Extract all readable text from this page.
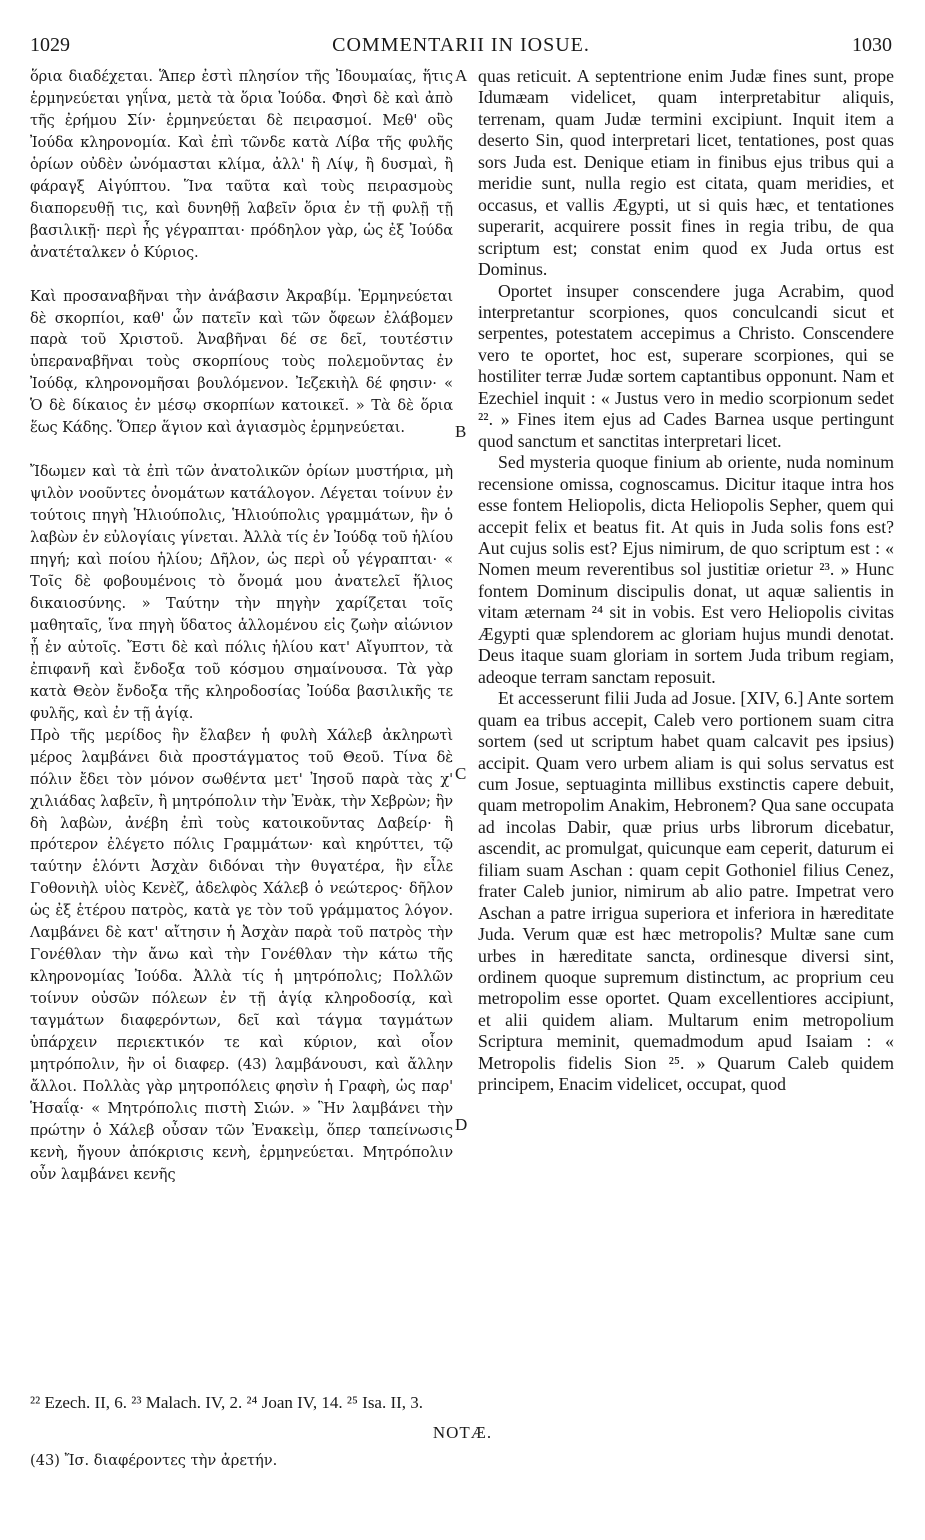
1029	COMMENTARII IN IOSUE.	1030

ὅρια διαδέχεται. Ἅπερ ἐστὶ πλησίον τῆς Ἰδουμαίας, ἥτις ἑρμηνεύεται γηΐνα, μετὰ τὰ ὅρια Ἰούδα. Φησὶ δὲ καὶ ἀπὸ τῆς ἐρήμου Σίν· ἑρμηνεύεται δὲ πειρασμοί. Μεθ' οὓς Ἰούδα κληρονομία. Καὶ ἐπὶ τῶνδε κατὰ Λίβα τῆς φυλῆς ὁρίων οὐδὲν ὠνόμασται κλίμα, ἀλλ' ἢ Λίψ, ἢ δυσμαὶ, ἢ φάραγξ Αἰγύπτου. Ἵνα ταῦτα καὶ τοὺς πειρασμοὺς διαπορευθῇ τις, καὶ δυνηθῇ λαβεῖν ὅρια ἐν τῇ φυλῇ τῇ βασιλικῇ· περὶ ἧς γέγραπται· πρόδηλον γὰρ, ὡς ἐξ Ἰούδα ἀνατέταλκεν ὁ Κύριος.

Καὶ προσαναβῆναι τὴν ἀνάβασιν Ἀκραβίμ. Ἑρμηνεύεται δὲ σκορπίοι, καθ' ὧν πατεῖν καὶ τῶν ὄφεων ἐλάβομεν παρὰ τοῦ Χριστοῦ. Ἀναβῆναι δέ σε δεῖ, τουτέστιν ὑπεραναβῆναι τοὺς σκορπίους τοὺς πολεμοῦντας ἐν Ἰούδᾳ, κληρονομῆσαι βουλόμενον. Ἰεζεκιὴλ δέ φησιν· « Ὁ δὲ δίκαιος ἐν μέσῳ σκορπίων κατοικεῖ. » Τὰ δὲ ὅρια ἕως Κάδης. Ὅπερ ἅγιον καὶ ἁγιασμὸς ἑρμηνεύεται.

Ἴδωμεν καὶ τὰ ἐπὶ τῶν ἀνατολικῶν ὁρίων μυστήρια, μὴ ψιλὸν νοοῦντες ὀνομάτων κατάλογον. Λέγεται τοίνυν ἐν τούτοις πηγὴ Ἡλιούπολις, Ἡλιούπολις γραμμάτων, ἣν ὁ λαβὼν ἐν εὐλογίαις γίνεται. Ἀλλὰ τίς ἐν Ἰούδᾳ τοῦ ἡλίου πηγή; καὶ ποίου ἡλίου; Δῆλον, ὡς περὶ οὗ γέγραπται· « Τοῖς δὲ φοβουμένοις τὸ ὄνομά μου ἀνατελεῖ ἥλιος δικαιοσύνης. » Ταύτην τὴν πηγὴν χαρίζεται τοῖς μαθηταῖς, ἵνα πηγὴ ὕδατος ἁλλομένου εἰς ζωὴν αἰώνιον ᾖ ἐν αὐτοῖς. Ἔστι δὲ καὶ πόλις ἡλίου κατ' Αἴγυπτον, τὰ ἐπιφανῆ καὶ ἔνδοξα τοῦ κόσμου σημαίνουσα. Τὰ γὰρ κατὰ Θεὸν ἔνδοξα τῆς κληροδοσίας Ἰούδα βασιλικῆς τε φυλῆς, καὶ ἐν τῇ ἁγίᾳ.

Πρὸ τῆς μερίδος ἣν ἔλαβεν ἡ φυλὴ Χάλεβ ἀκληρωτὶ μέρος λαμβάνει διὰ προστάγματος τοῦ Θεοῦ. Τίνα δὲ πόλιν ἔδει τὸν μόνον σωθέντα μετ' Ἰησοῦ παρὰ τὰς χ' χιλιάδας λαβεῖν, ἢ μητρόπολιν τὴν Ἐνὰκ, τὴν Χεβρὼν; ἣν δὴ λαβὼν, ἀνέβη ἐπὶ τοὺς κατοικοῦντας Δαβείρ· ἣ πρότερον ἐλέγετο πόλις Γραμμάτων· καὶ κηρύττει, τῷ ταύτην ἑλόντι Ἀσχὰν διδόναι τὴν θυγατέρα, ἣν εἶλε Γοθονιὴλ υἱὸς Κενὲζ, ἀδελφὸς Χάλεβ ὁ νεώτερος· δῆλον ὡς ἐξ ἑτέρου πατρὸς, κατὰ γε τὸν τοῦ γράμματος λόγον. Λαμβάνει δὲ κατ' αἴτησιν ἡ Ἀσχὰν παρὰ τοῦ πατρὸς τὴν Γονέθλαν τὴν ἄνω καὶ τὴν Γονέθλαν τὴν κάτω τῆς κληρονομίας Ἰούδα. Ἀλλὰ τίς ἡ μητρόπολις; Πολλῶν τοίνυν οὐσῶν πόλεων ἐν τῇ ἁγίᾳ κληροδοσίᾳ, καὶ ταγμάτων διαφερόντων, δεῖ καὶ τάγμα ταγμάτων ὑπάρχειν περιεκτικόν τε καὶ κύριον, καὶ οἷον μητρόπολιν, ἣν οἱ διαφερ. (43) λαμβάνουσι, καὶ ἄλλην ἄλλοι. Πολλὰς γὰρ μητροπόλεις φησὶν ἡ Γραφὴ, ὡς παρ' Ἡσαΐᾳ· « Μητρόπολις πιστὴ Σιών. » Ἣν λαμβάνει τὴν πρώτην ὁ Χάλεβ οὖσαν τῶν Ἐνακεὶμ, ὅπερ ταπείνωσις κενὴ, ἤγουν ἀπόκρισις κενὴ, ἑρμηνεύεται. Μητρόπολιν οὖν λαμβάνει κενῆς

A
B
C
D

quas reticuit. A septentrione enim Judæ fines sunt, prope Idumæam videlicet, quam interpretabitur aliquis, terrenam, quam Judæ termini excipiunt. Inquit item a deserto Sin, quod interpretari licet, tentationes, post quas sors Juda est. Denique etiam in finibus ejus tribus qui a meridie sunt, nulla regio est citata, quam meridies, et occasus, et vallis Ægypti, ut si quis hæc, et tentationes superarit, acquirere possit fines in regia tribu, de qua scriptum est; constat enim quod ex Juda ortus est Dominus.

Oportet insuper conscendere juga Acrabim, quod interpretantur scorpiones, quos conculcandi sicut et serpentes, potestatem accepimus a Christo. Conscendere vero te oportet, hoc est, superare scorpiones, qui se hostiliter terræ Judæ sortem captantibus opponunt. Nam et Ezechiel inquit : « Justus vero in medio scorpionum sedet ²². » Fines item ejus ad Cades Barnea usque pertingunt quod sanctum et sanctitas interpretari licet.

Sed mysteria quoque finium ab oriente, nuda nominum recensione omissa, cognoscamus. Dicitur itaque intra hos esse fontem Heliopolis, dicta Heliopolis Sepher, quem qui accepit felix et beatus fit. At quis in Juda solis fons est? Aut cujus solis est? Ejus nimirum, de quo scriptum est : « Nomen meum reverentibus sol justitiæ orietur ²³. » Hunc fontem Dominum discipulis donat, ut aquæ salientis in vitam æternam ²⁴ sit in vobis. Est vero Heliopolis civitas Ægypti quæ splendorem ac gloriam hujus mundi denotat. Deus itaque suam gloriam in sortem Juda tribum regiam, adeoque terram sanctam reposuit.

Et accesserunt filii Juda ad Josue. [XIV, 6.] Ante sortem quam ea tribus accepit, Caleb vero portionem suam citra sortem (sed ut scriptum habet quam calcavit pes ipsius) accipit. Quam vero urbem aliam is qui solus servatus est cum Josue, septuaginta millibus exstinctis capere debuit, quam metropolim Anakim, Hebronem? Qua sane occupata ad incolas Dabir, quæ prius urbs librorum dicebatur, ascendit, ac promulgat, quicunque eam ceperit, daturum ei filiam suam Aschan : quam cepit Gothoniel filius Cenez, frater Caleb junior, nimirum ab alio patre. Impetrat vero Aschan a patre irrigua superiora et inferiora in hæreditate Juda. Verum quæ est hæc metropolis? Multæ sane cum urbes in hæreditate sancta, ordinesque diversi sint, ordinem quoque supremum distinctum, ac proprium ceu metropolim esse oportet. Quam excellentiores accipiunt, et alii quidem aliam. Multarum enim metropolium Scriptura meminit, quemadmodum apud Isaiam : « Metropolis fidelis Sion ²⁵. » Quarum Caleb quidem principem, Enacim videlicet, occupat, quod

²² Ezech. II, 6. ²³ Malach. IV, 2. ²⁴ Joan IV, 14. ²⁵ Isa. II, 3.
NOTÆ.
(43) Ἴσ. διαφέροντες τὴν ἀρετήν.
